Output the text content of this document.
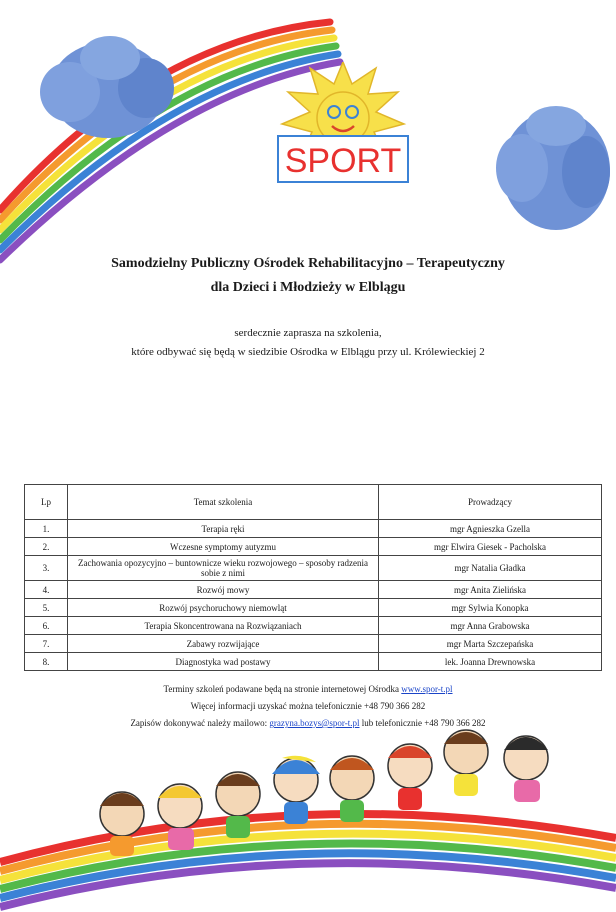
SPORT
Samodzielny Publiczny Ośrodek Rehabilitacyjno – Terapeutyczny
dla Dzieci i Młodzieży w Elblągu
serdecznie zaprasza na szkolenia,
które odbywać się będą w siedzibie Ośrodka w Elblągu przy ul. Królewieckiej 2
Lp	Temat szkolenia	Prowadzący
1.	Terapia ręki	mgr Agnieszka Gzella
2.	Wczesne symptomy autyzmu	mgr Elwira Giesek - Pacholska
3.	Zachowania opozycyjno – buntownicze wieku rozwojowego – sposoby radzenia sobie z nimi	mgr Natalia Gładka
4.	Rozwój mowy	mgr Anita Zielińska
5.	Rozwój psychoruchowy niemowląt	mgr Sylwia Konopka
6.	Terapia Skoncentrowana na Rozwiązaniach	mgr Anna Grabowska
7.	Zabawy rozwijające	mgr Marta Szczepańska
8.	Diagnostyka wad postawy	lek. Joanna Drewnowska
Terminy szkoleń podawane będą na stronie internetowej Ośrodka www.spor-t.pl
Więcej informacji uzyskać można telefonicznie +48 790 366 282
Zapisów dokonywać należy mailowo: grazyna.bozys@spor-t.pl lub telefonicznie +48 790 366 282
